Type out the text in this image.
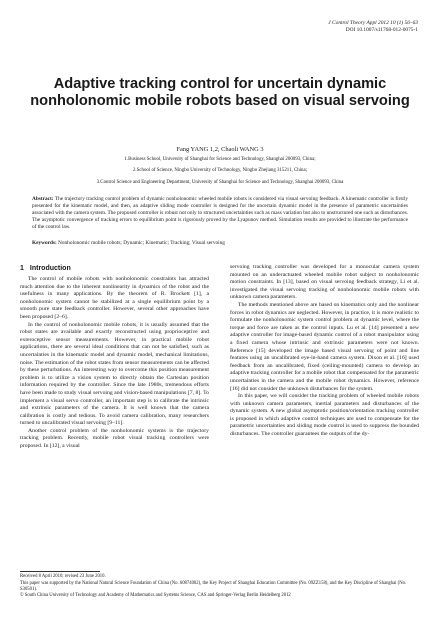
J Control Theory Appl 2012 10 (1) 56–63
DOI 10.1007/s11768-012-0075-1
Adaptive tracking control for uncertain dynamic nonholonomic mobile robots based on visual servoing
Fang YANG 1,2, Chaoli WANG 3
1.Business School, University of Shanghai for Science and Technology, Shanghai 200093, China;
2.School of Science, Ningbo University of Technology, Ningbo Zhejiang 315211, China;
3.Control Science and Engineering Department, University of Shanghai for Science and Technology, Shanghai 200093, China

Abstract: The trajectory tracking control problem of dynamic nonholonomic wheeled mobile robots is considered via visual servoing feedback. A kinematic controller is firstly presented for the kinematic model, and then, an adaptive sliding mode controller is designed for the uncertain dynamic model in the presence of parametric uncertainties associated with the camera system. The proposed controller is robust not only to structured uncertainties such as mass variation but also to unstructured one such as disturbances. The asymptotic convergence of tracking errors to equilibrium point is rigorously proved by the Lyapunov method. Simulation results are provided to illustrate the performance of the control law.

Keywords: Nonholonomic mobile robots; Dynamic; Kinematic; Tracking; Visual servoing
1 Introduction

The control of mobile robots with nonholonomic constraints has attracted much attention due to the inherent nonlinearity in dynamics of the robot and the usefulness in many applications. By the theorem of R. Brockett [1], a nonholonomic system cannot be stabilized at a single equilibrium point by a smooth pure state feedback controller. However, several other approaches have been proposed [2–6].

In the control of nonholonomic mobile robots, it is usually assumed that the robot states are available and exactly reconstructed using proprioceptive and exteroceptive sensor measurements. However, in practical mobile robot applications, there are several ideal conditions that can not be satisfied, such as uncertainties in the kinematic model and dynamic model, mechanical limitations, noise. The estimation of the robot states from sensor measurements can be affected by these perturbations. An interesting way to overcome this position measurement problem is to utilize a vision system to directly obtain the Cartesian position information required by the controller. Since the late 1980s, tremendous efforts have been made to study visual servoing and vision-based manipulations [7, 8]. To implement a visual servo controller, an important step is to calibrate the intrinsic and extrinsic parameters of the camera. It is well known that the camera calibration is costly and tedious. To avoid camera calibration, many researchers turned to uncalibrated visual servoing [9–11].

Another control problem of the nonholonomic systems is the trajectory tracking problem. Recently, mobile robot visual tracking controllers were proposed. In [12], a visual

servoing tracking controller was developed for a monocular camera system mounted on an underactuated wheeled mobile robot subject to nonholonomic motion constraints. In [13], based on visual servoing feedback strategy, Li et al. investigated the visual servoing tracking of nonholonomic mobile robots with unknown camera parameters.

The methods mentioned above are based on kinematics only and the nonlinear forces in robot dynamics are neglected. However, in practice, it is more realistic to formulate the nonholonomic system control problem at dynamic level, where the torque and force are taken as the control inputs. Lu et al. [14] presented a new adaptive controller for image-based dynamic control of a robot manipulator using a fixed camera whose intrinsic and extrinsic parameters were not known. Reference [15] developed the image based visual servoing of point and line features using an uncalibrated eye-in-hand camera system. Dixon et al. [16] used feedback from an uncalibrated, fixed (ceiling-mounted) camera to develop an adaptive tracking controller for a mobile robot that compensated for the parametric uncertainties in the camera and the mobile robot dynamics. However, reference [16] did not consider the unknown disturbances for the system.

In this paper, we will consider the tracking problem of wheeled mobile robots with unknown camera parameters, inertial parameters and disturbances of the dynamic system. A new global asymptotic position/orientation tracking controller is proposed in which adaptive control techniques are used to compensate for the parametric uncertainties and sliding mode control is used to suppress the bounded disturbances. The controller guarantees the outputs of the dy-

Received 8 April 2010; revised 23 June 2010.
This paper was supported by the National Natural Science Foundation of China (No. 60874002), the Key Project of Shanghai Education Committee (No. 09ZZ158), and the Key Discipline of Shanghai (No. S30501).
© South China University of Technology and Academy of Mathematics and Systems Science, CAS and Springer-Verlag Berlin Heidelberg 2012
